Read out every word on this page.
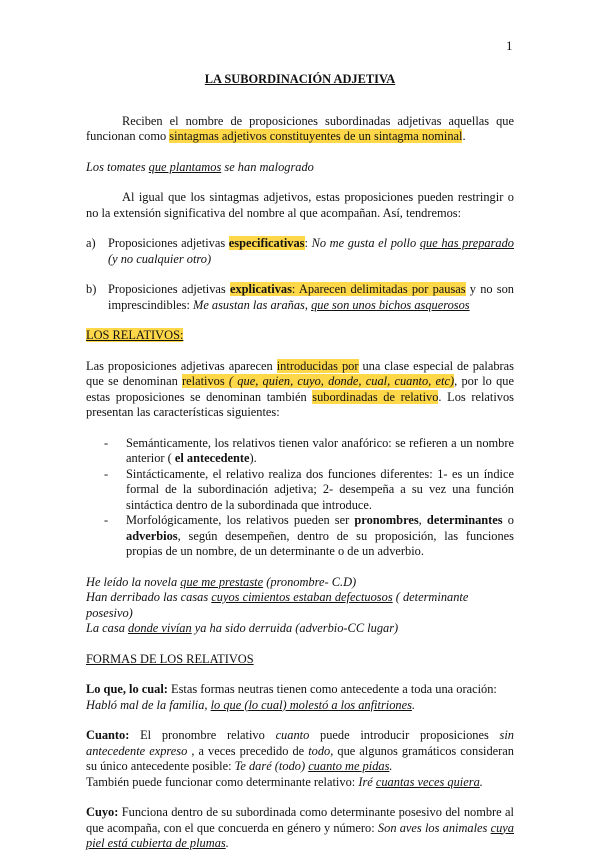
1
LA SUBORDINACIÓN ADJETIVA

Reciben el nombre de proposiciones subordinadas adjetivas aquellas que funcionan como sintagmas adjetivos constituyentes de un sintagma nominal.

Los tomates que plantamos se han malogrado

Al igual que los sintagmas adjetivos, estas proposiciones pueden restringir o no la extensión significativa del nombre al que acompañan. Así, tendremos:

a) Proposiciones adjetivas especificativas: No me gusta el pollo que has preparado (y no cualquier otro)
b) Proposiciones adjetivas explicativas: Aparecen delimitadas por pausas y no son imprescindibles: Me asustan las arañas, que son unos bichos asquerosos

LOS RELATIVOS:

Las proposiciones adjetivas aparecen introducidas por una clase especial de palabras que se denominan relativos ( que, quien, cuyo, donde, cual, cuanto, etc), por lo que estas proposiciones se denominan también subordinadas de relativo. Los relativos presentan las características siguientes:

-	Semánticamente, los relativos tienen valor anafórico: se refieren a un nombre anterior ( el antecedente).
-	Sintácticamente, el relativo realiza dos funciones diferentes: 1- es un índice formal de la subordinación adjetiva; 2- desempeña a su vez una función sintáctica dentro de la subordinada que introduce.
-	Morfológicamente, los relativos pueden ser pronombres, determinantes o adverbios, según desempeñen, dentro de su proposición, las funciones propias de un nombre, de un determinante o de un adverbio.

He leído la novela que me prestaste (pronombre- C.D)

Han derribado las casas cuyos cimientos estaban defectuosos ( determinante posesivo)

La casa donde vivían ya ha sido derruida (adverbio-CC lugar)

FORMAS DE LOS RELATIVOS

Lo que, lo cual: Estas formas neutras tienen como antecedente a toda una oración:

Habló mal de la familia, lo que (lo cual) molestó a los anfitriones.

Cuanto: El pronombre relativo cuanto puede introducir proposiciones sin antecedente expreso , a veces precedido de todo, que algunos gramáticos consideran su único antecedente posible: Te daré (todo) cuanto me pidas.

También puede funcionar como determinante relativo: Iré cuantas veces quiera.

Cuyo: Funciona dentro de su subordinada como determinante posesivo del nombre al que acompaña, con el que concuerda en género y número: Son aves los animales cuya piel está cubierta de plumas.
